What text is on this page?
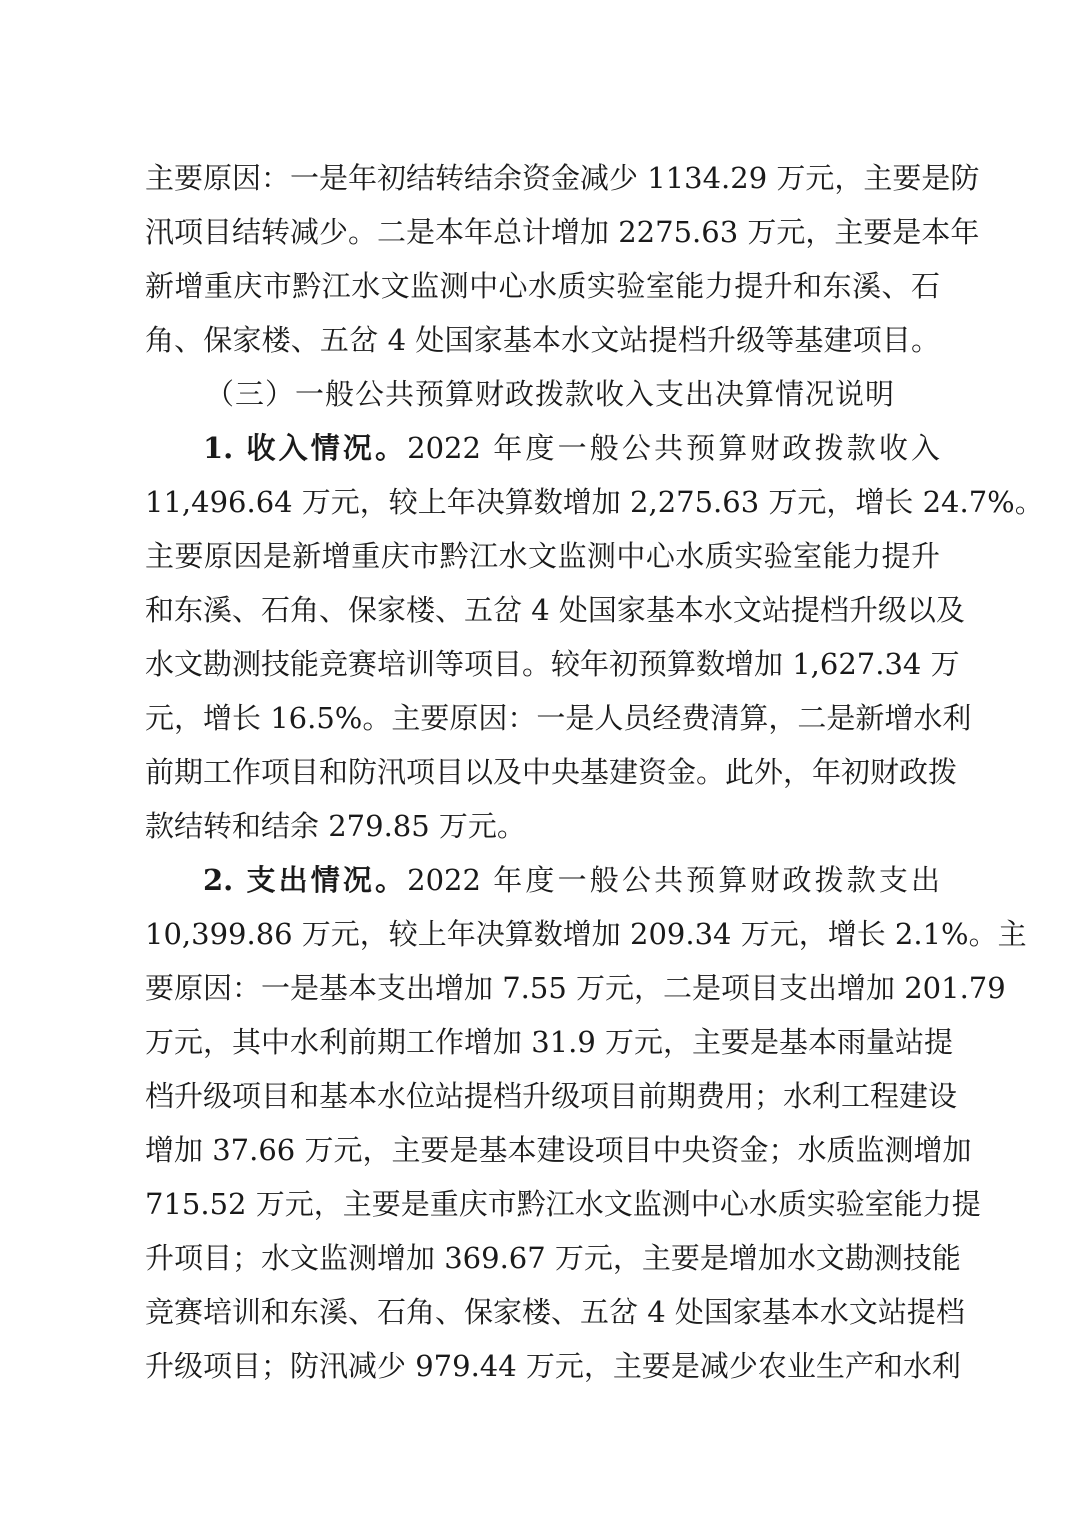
主要原因：一是年初结转结余资金减少 1134.29 万元，主要是防
汛项目结转减少。二是本年总计增加 2275.63 万元，主要是本年
新增重庆市黔江水文监测中心水质实验室能力提升和东溪、石
角、保家楼、五岔 4 处国家基本水文站提档升级等基建项目。
（三）一般公共预算财政拨款收入支出决算情况说明
1. 收入情况。2022 年度一般公共预算财政拨款收入
11,496.64 万元，较上年决算数增加 2,275.63 万元，增长 24.7%。
主要原因是新增重庆市黔江水文监测中心水质实验室能力提升
和东溪、石角、保家楼、五岔 4 处国家基本水文站提档升级以及
水文勘测技能竞赛培训等项目。较年初预算数增加 1,627.34 万
元，增长 16.5%。主要原因：一是人员经费清算，二是新增水利
前期工作项目和防汛项目以及中央基建资金。此外，年初财政拨
款结转和结余 279.85 万元。
2. 支出情况。2022 年度一般公共预算财政拨款支出
10,399.86 万元，较上年决算数增加 209.34 万元，增长 2.1%。主
要原因：一是基本支出增加 7.55 万元，二是项目支出增加 201.79
万元，其中水利前期工作增加 31.9 万元，主要是基本雨量站提
档升级项目和基本水位站提档升级项目前期费用；水利工程建设
增加 37.66 万元，主要是基本建设项目中央资金；水质监测增加
715.52 万元，主要是重庆市黔江水文监测中心水质实验室能力提
升项目；水文监测增加 369.67 万元，主要是增加水文勘测技能
竞赛培训和东溪、石角、保家楼、五岔 4 处国家基本水文站提档
升级项目；防汛减少 979.44 万元，主要是减少农业生产和水利
